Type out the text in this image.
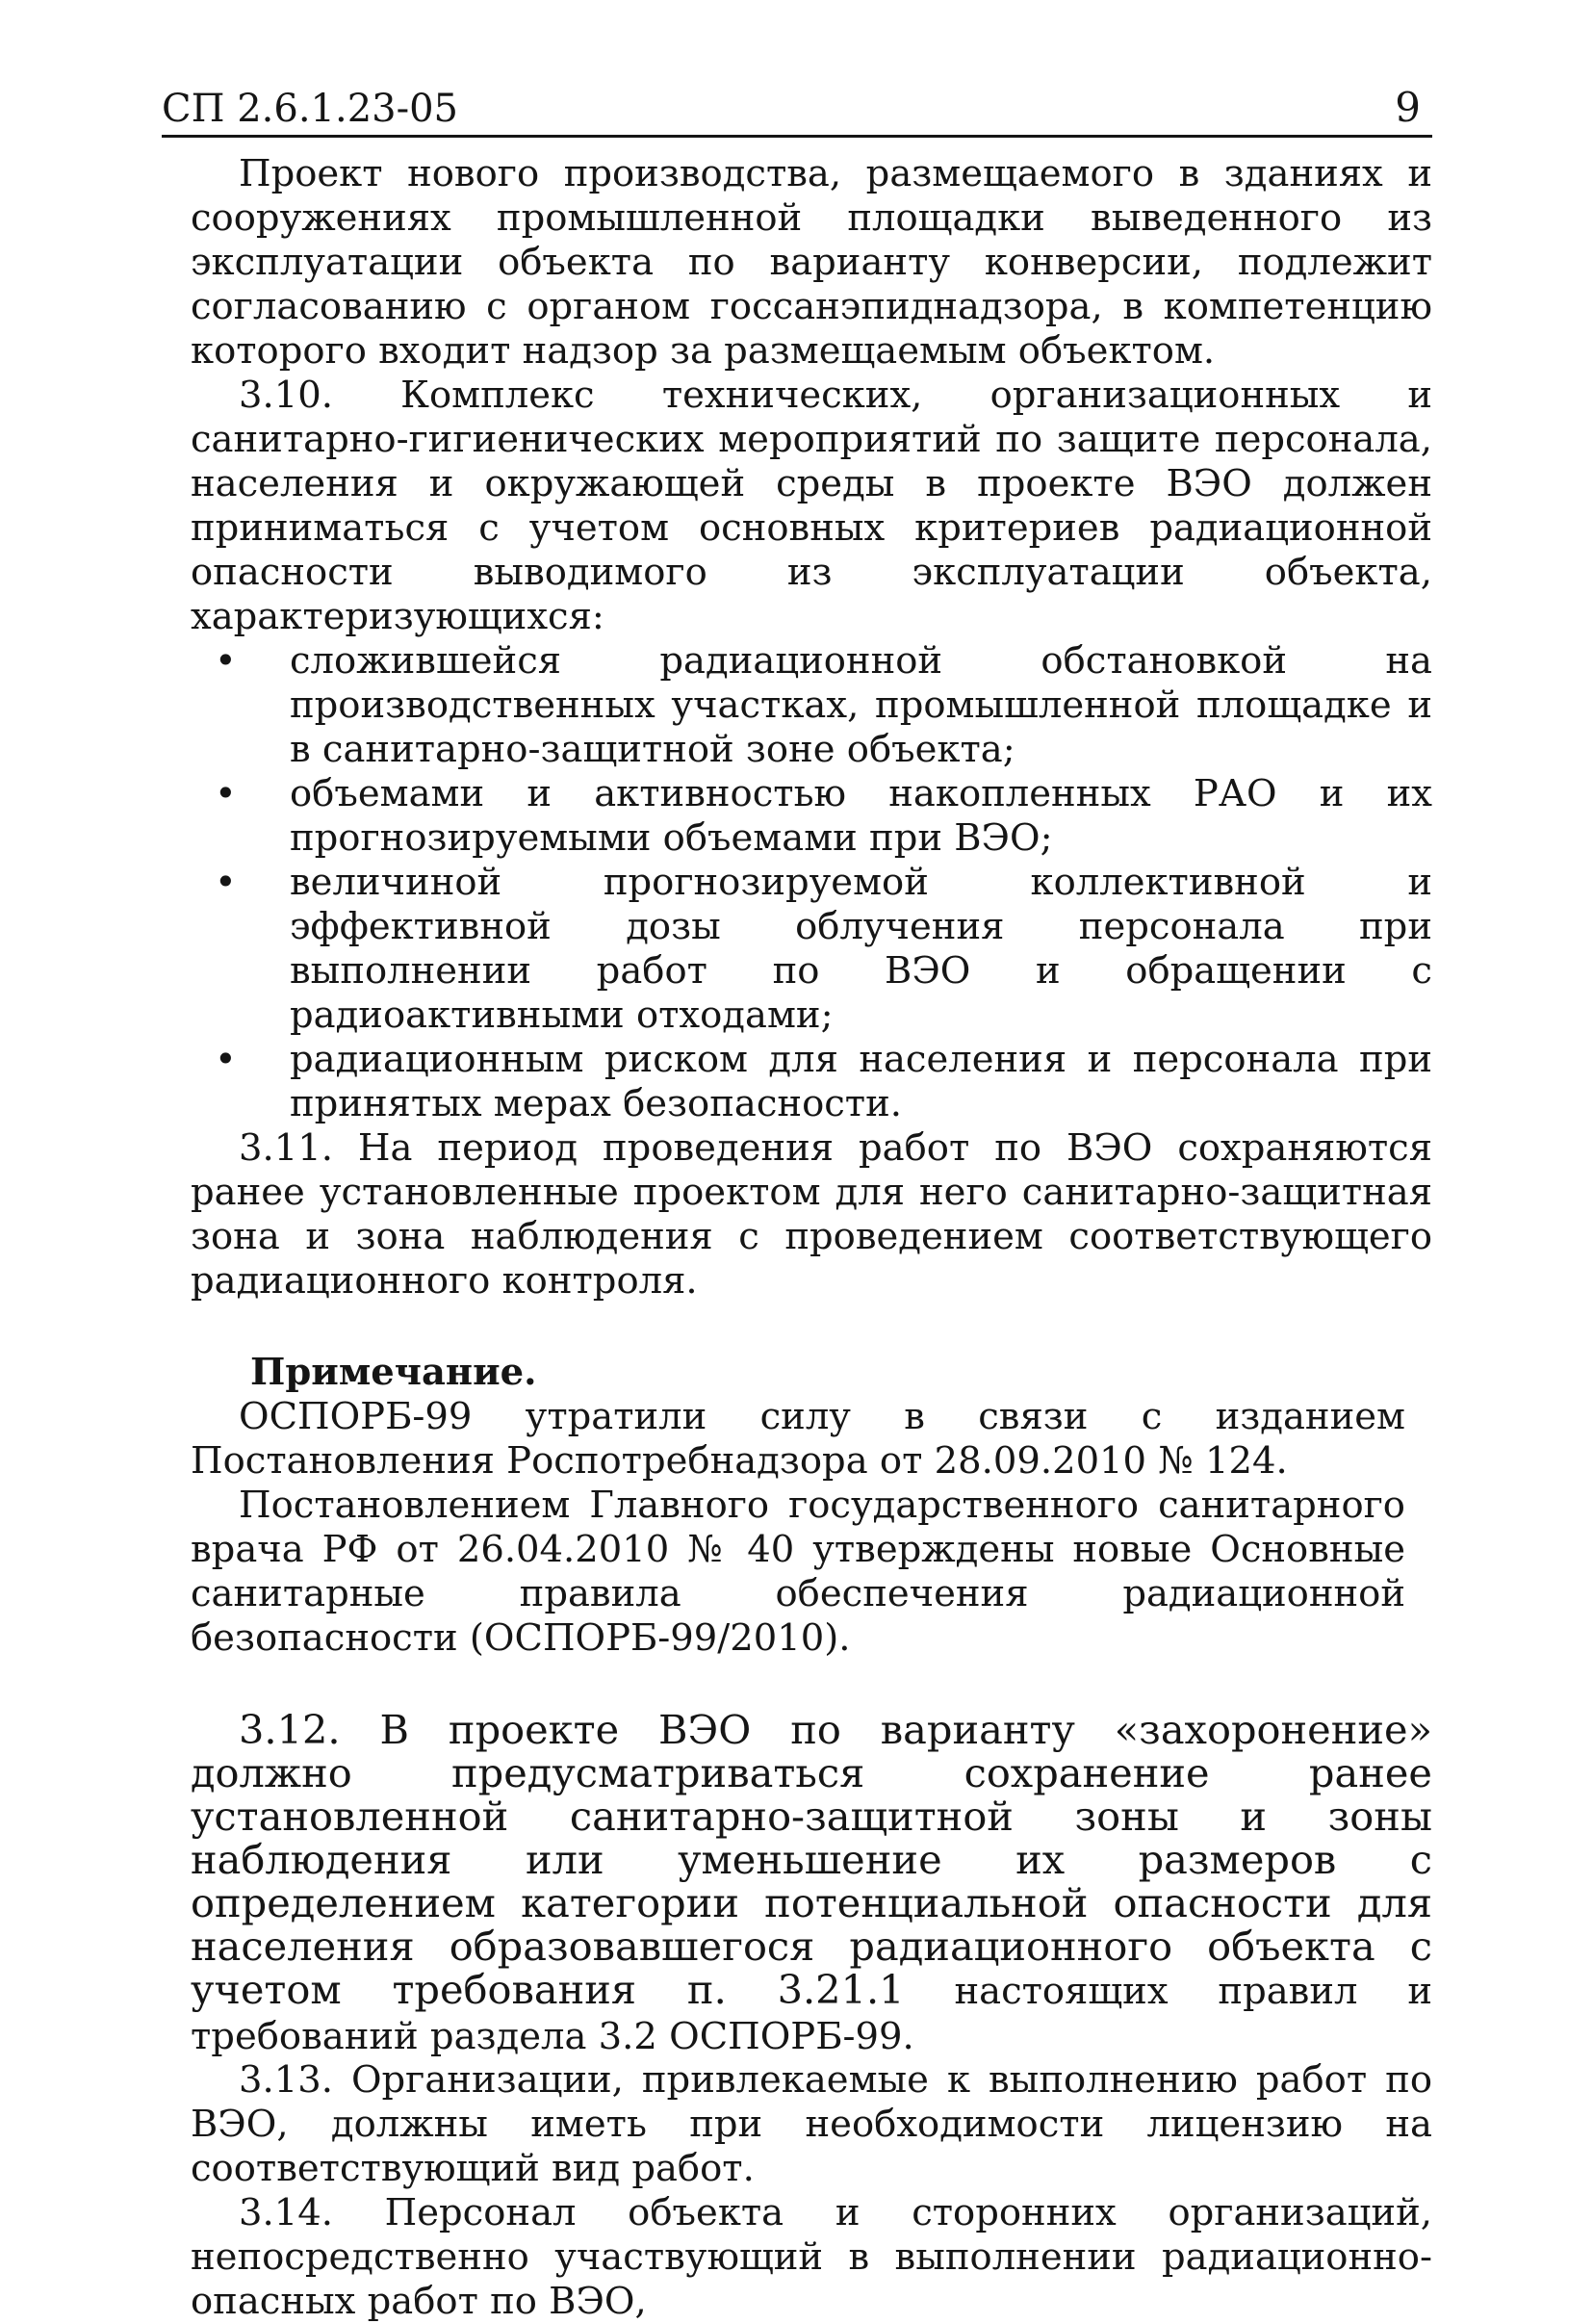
СП 2.6.1.23-05	9

Проект нового производства, размещаемого в зданиях и сооружениях промышленной площадки выведенного из эксплуатации объекта по варианту конверсии, подлежит согласованию с органом госсанэпиднадзора, в компетенцию которого входит надзор за размещаемым объектом.

3.10. Комплекс технических, организационных и санитарно-гигиенических мероприятий по защите персонала, населения и окружающей среды в проекте ВЭО должен приниматься с учетом основных критериев радиационной опасности выводимого из эксплуатации объекта, характеризующихся:

• сложившейся радиационной обстановкой на производственных участках, промышленной площадке и в санитарно-защитной зоне объекта;
• объемами и активностью накопленных РАО и их прогнозируемыми объемами при ВЭО;
• величиной прогнозируемой коллективной и эффективной дозы облучения персонала при выполнении работ по ВЭО и обращении с радиоактивными отходами;
• радиационным риском для населения и персонала при принятых мерах безопасности.

3.11. На период проведения работ по ВЭО сохраняются ранее установленные проектом для него санитарно-защитная зона и зона наблюдения с проведением соответствующего радиационного контроля.

Примечание.

ОСПОРБ-99 утратили силу в связи с изданием Постановления Роспотребнадзора от 28.09.2010 № 124.

Постановлением Главного государственного санитарного врача РФ от 26.04.2010 № 40 утверждены новые Основные санитарные правила обеспечения радиационной безопасности (ОСПОРБ-99/2010).

3.12. В проекте ВЭО по варианту «захоронение» должно предусматриваться сохранение ранее установленной санитарно-защитной зоны и зоны наблюдения или уменьшение их размеров с определением категории потенциальной опасности для населения образовавшегося радиационного объекта с учетом требования п. 3.21.1 настоящих правил и требований раздела 3.2 ОСПОРБ-99.

3.13. Организации, привлекаемые к выполнению работ по ВЭО, должны иметь при необходимости лицензию на соответствующий вид работ.

3.14. Персонал объекта и сторонних организаций, непосредственно участвующий в выполнении радиационно-опасных работ по ВЭО,
